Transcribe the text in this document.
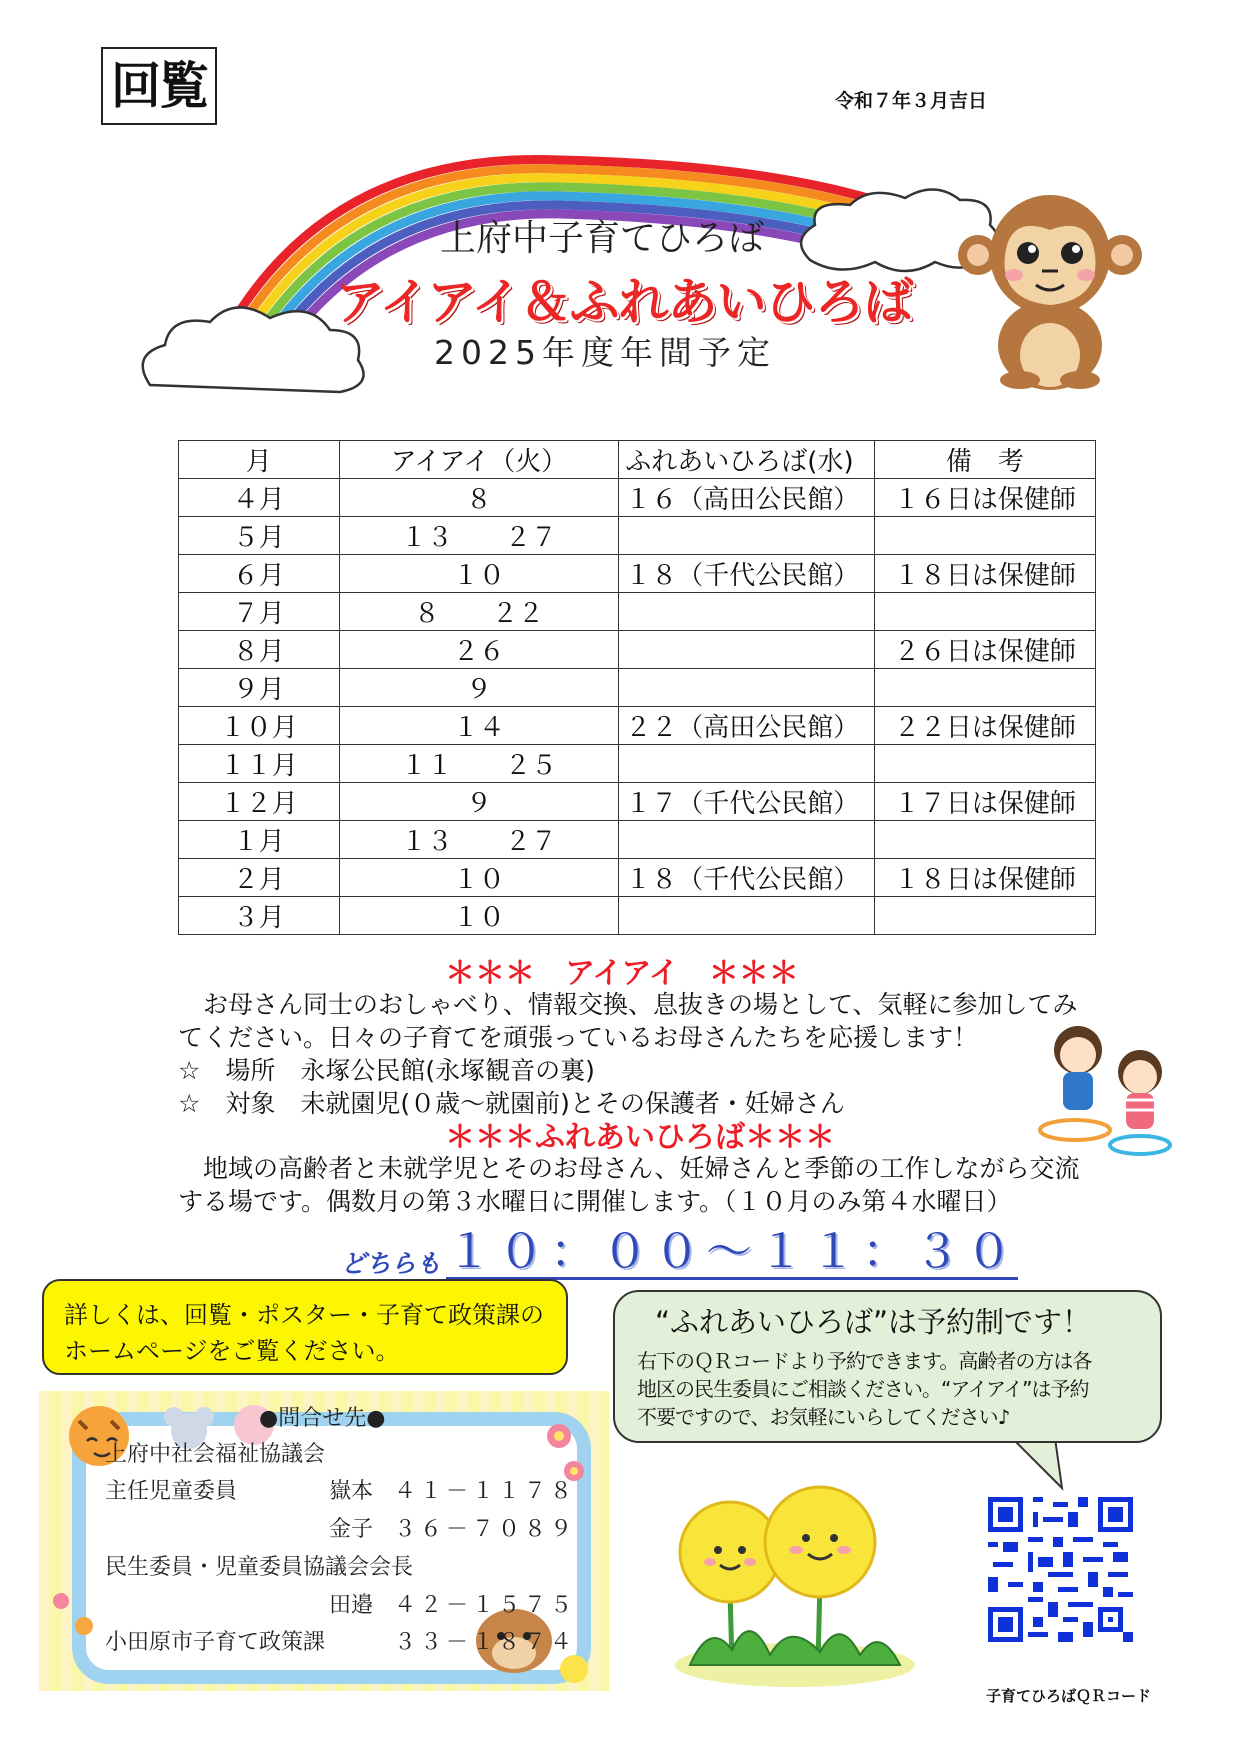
回覧	令和７年３月吉日
上府中子育てひろば
アイアイ＆ふれあいひろば
2025年度年間予定
月	アイアイ（火）	ふれあいひろば(水)	備　考
４月	８	１６（高田公民館）	１６日は保健師
５月	１３　　２７		
６月	１０	１８（千代公民館）	１８日は保健師
７月	８　　２２		
８月	２６		２６日は保健師
９月	９		
１０月	１４	２２（高田公民館）	２２日は保健師
１１月	１１　　２５		
１２月	９	１７（千代公民館）	１７日は保健師
１月	１３　　２７		
２月	１０	１８（千代公民館）	１８日は保健師
３月	１０		
＊＊＊　アイアイ　＊＊＊
　お母さん同士のおしゃべり、情報交換、息抜きの場として、気軽に参加してみ
てください。日々の子育てを頑張っているお母さんたちを応援します！
☆　場所　永塚公民館(永塚観音の裏)
☆　対象　未就園児(０歳～就園前)とその保護者・妊婦さん
＊＊＊ふれあいひろば＊＊＊
　地域の高齢者と未就学児とそのお母さん、妊婦さんと季節の工作しながら交流
する場です。偶数月の第３水曜日に開催します。（１０月のみ第４水曜日）
どちらも １０：００～１１：３０
詳しくは、回覧・ポスター・子育て政策課の
ホームページをご覧ください。
“ふれあいひろば”は予約制です！
右下のＱＲコードより予約できます。高齢者の方は各
地区の民生委員にご相談ください。“アイアイ”は予約
不要ですので、お気軽にいらしてください♪
●問合せ先●
上府中社会福祉協議会
主任児童委員	嶽本 ４１－１１７８
金子 ３６－７０８９
民生委員・児童委員協議会会長
田邉 ４２－１５７５
小田原市子育て政策課	３３－１８７４
子育てひろばＱＲコード
